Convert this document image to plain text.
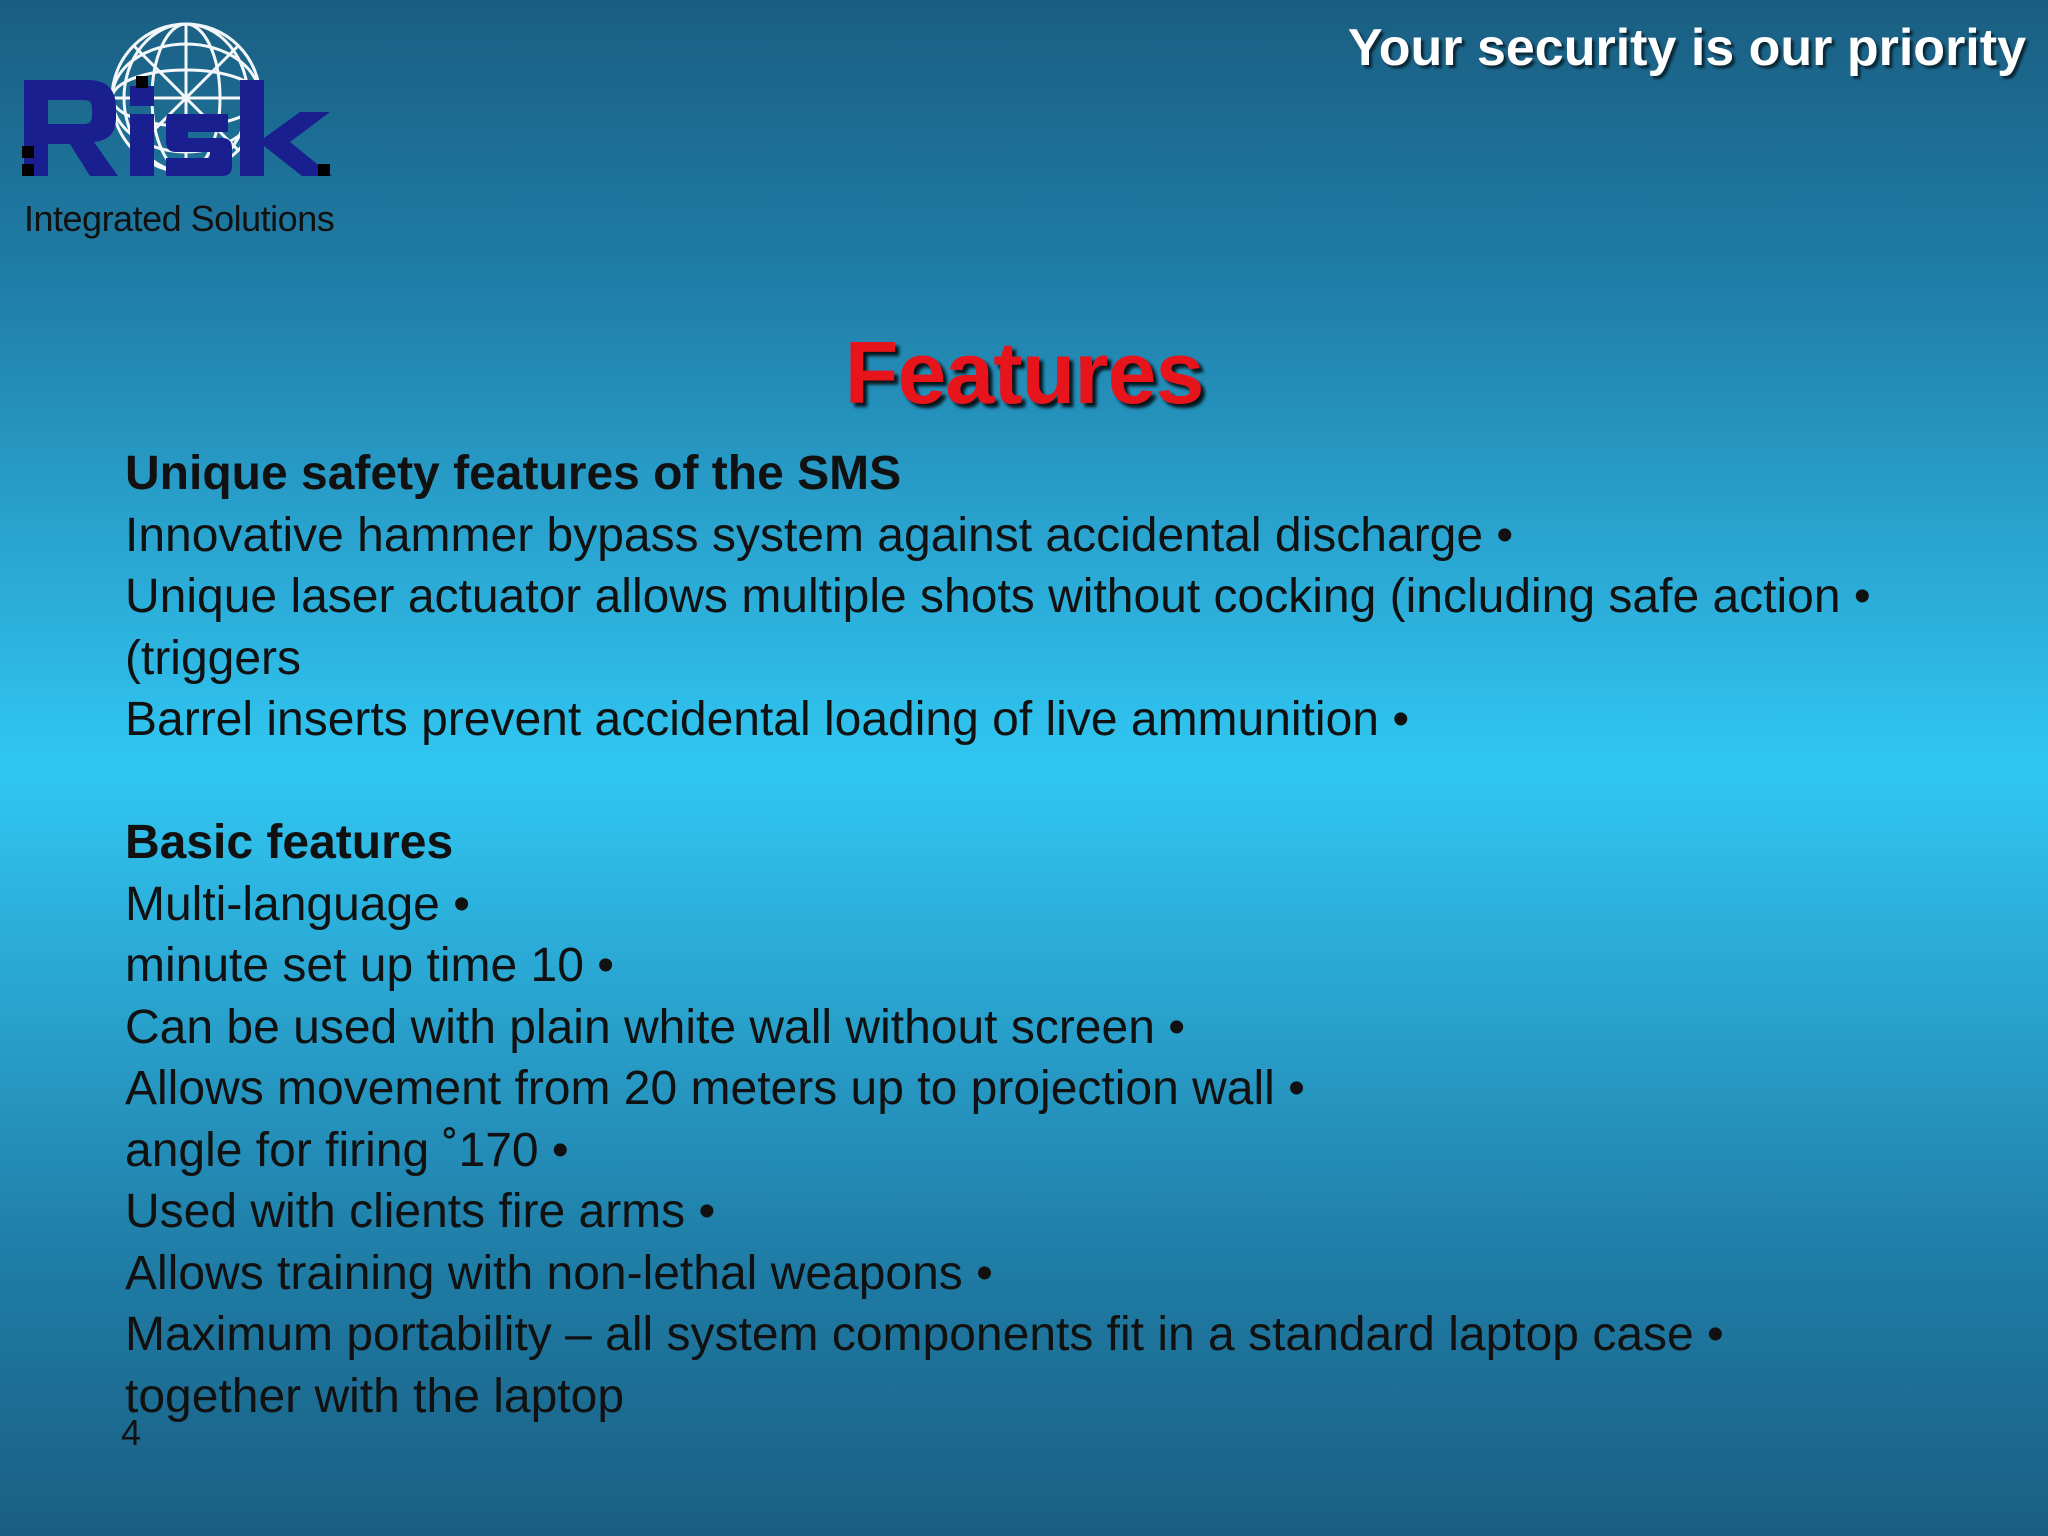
Integrated Solutions
Your security is our priority
Features
Unique safety features of the SMS
Innovative hammer bypass system against accidental discharge •
Unique laser actuator allows multiple shots without cocking (including safe action •
(triggers
Barrel inserts prevent accidental loading of live ammunition •
Basic features
Multi-language •
minute set up time 10 •
Can be used with plain white wall without screen •
Allows movement from 20 meters up to projection wall •
angle for firing ˚170 •
Used with clients fire arms •
Allows training with non-lethal weapons •
Maximum portability – all system components fit in a standard laptop case •
together with the laptop
4
